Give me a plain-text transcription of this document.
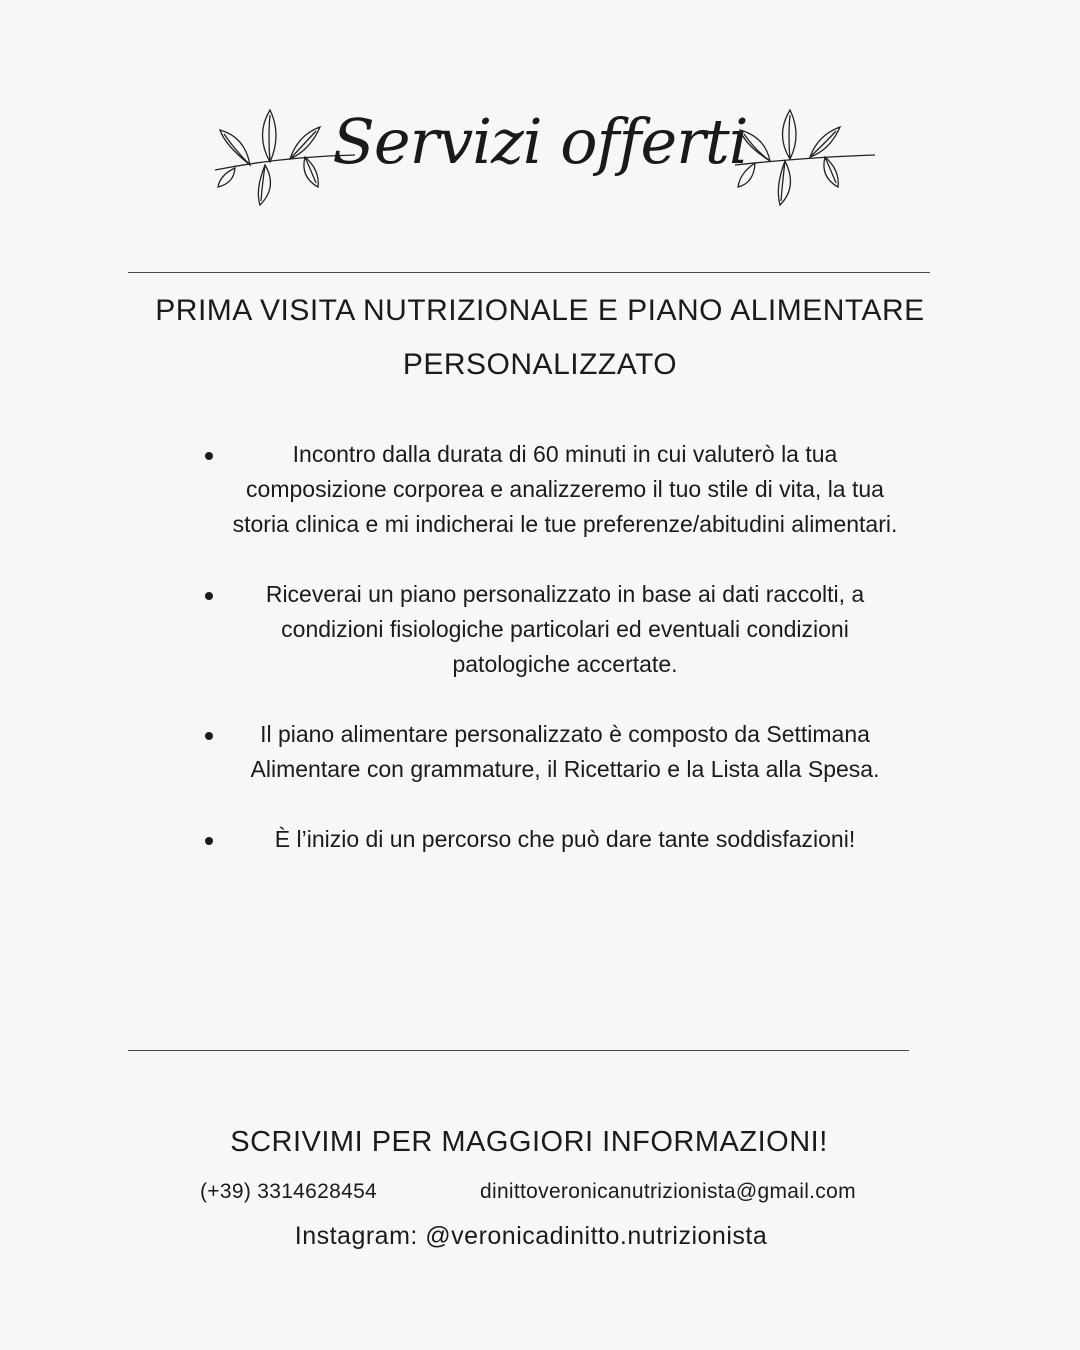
Servizi offerti
PRIMA VISITA NUTRIZIONALE E PIANO ALIMENTARE PERSONALIZZATO
Incontro dalla durata di 60 minuti in cui valuterò la tua composizione corporea e analizzeremo il tuo stile di vita, la tua storia clinica e mi indicherai le tue preferenze/abitudini alimentari.
Riceverai un piano personalizzato in base ai dati raccolti, a condizioni fisiologiche particolari ed eventuali condizioni patologiche accertate.
Il piano alimentare personalizzato è composto da Settimana Alimentare con grammature, il Ricettario e la Lista alla Spesa.
È l’inizio di un percorso che può dare tante soddisfazioni!
SCRIVIMI PER MAGGIORI INFORMAZIONI!
(+39) 3314628454	dinittoveronicanutrizionista@gmail.com
Instagram: @veronicadinitto.nutrizionista
